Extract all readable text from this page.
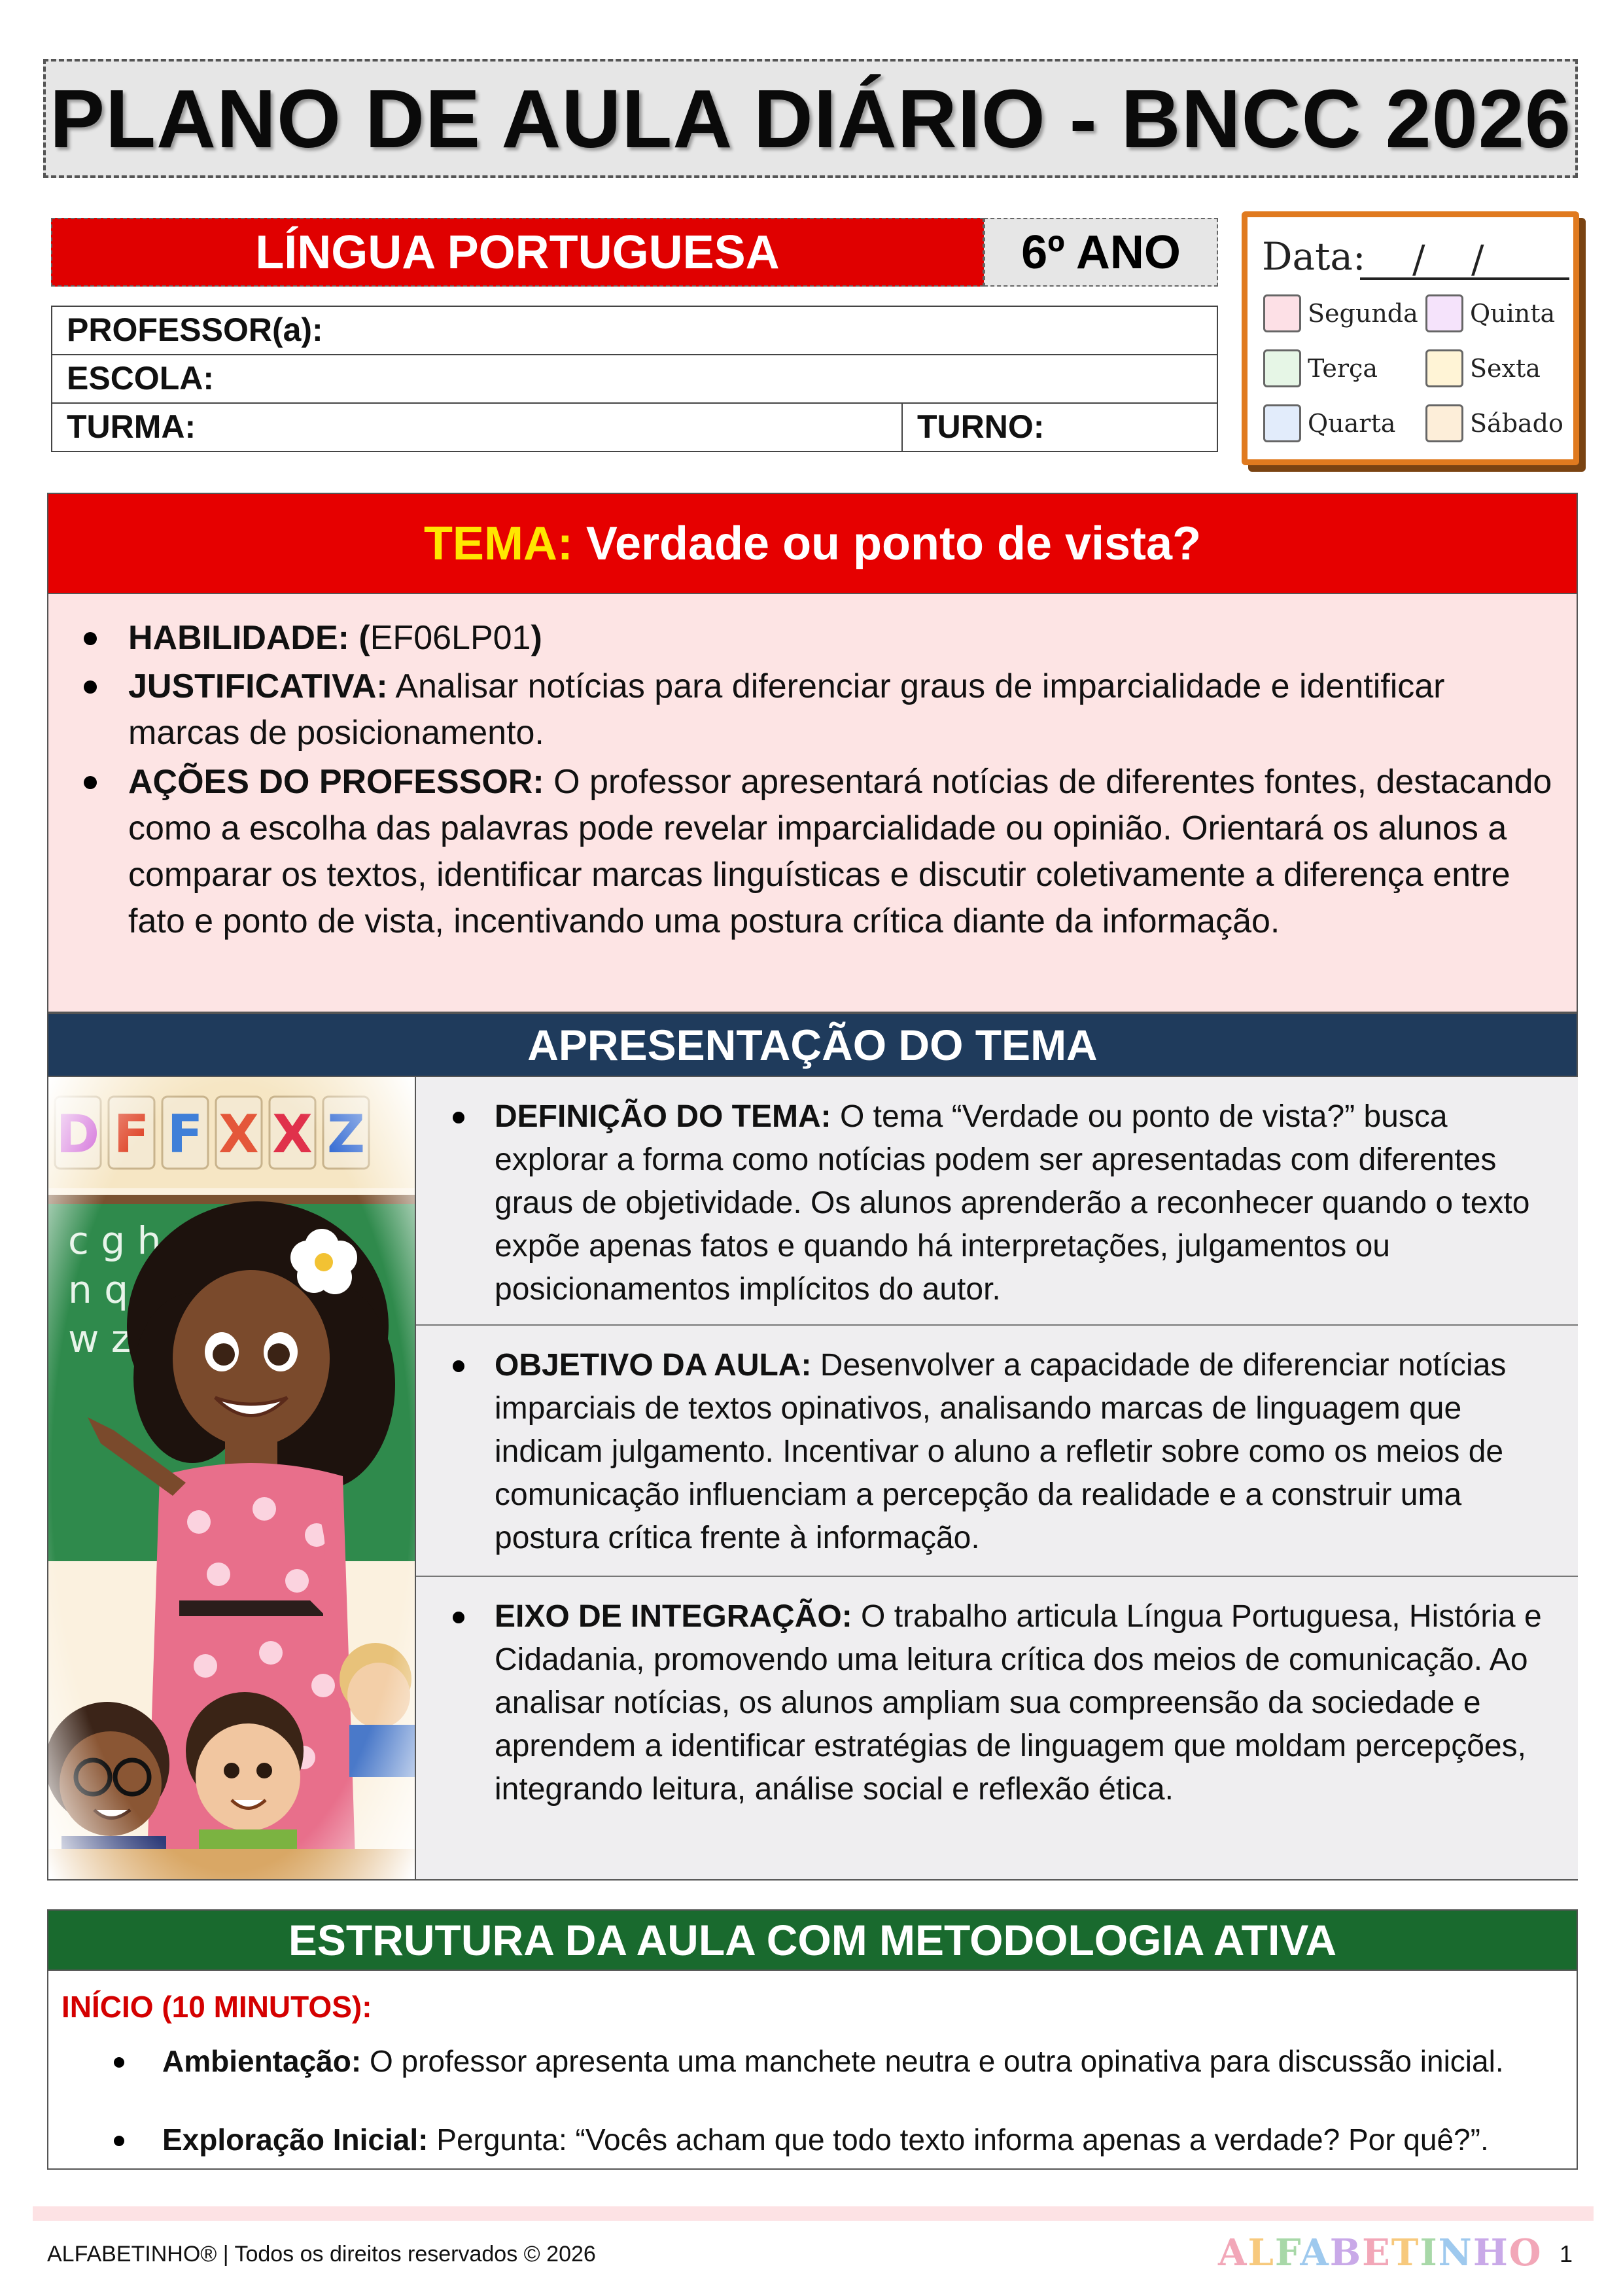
PLANO DE AULA DIÁRIO - BNCC 2026
LÍNGUA PORTUGUESA	6º ANO
PROFESSOR(a):
ESCOLA:
TURMA:	TURNO:
Data: / /
Segunda Quinta
Terça	Sexta
Quarta	Sábado
TEMA: Verdade ou ponto de vista?
HABILIDADE: (EF06LP01)
JUSTIFICATIVA: Analisar notícias para diferenciar graus de imparcialidade e identificar marcas de posicionamento.
AÇÕES DO PROFESSOR: O professor apresentará notícias de diferentes fontes, destacando como a escolha das palavras pode revelar imparcialidade ou opinião. Orientará os alunos a comparar os textos, identificar marcas linguísticas e discutir coletivamente a diferença entre fato e ponto de vista, incentivando uma postura crítica diante da informação.
APRESENTAÇÃO DO TEMA
DEFINIÇÃO DO TEMA: O tema “Verdade ou ponto de vista?” busca explorar a forma como notícias podem ser apresentadas com diferentes graus de objetividade. Os alunos aprenderão a reconhecer quando o texto expõe apenas fatos e quando há interpretações, julgamentos ou posicionamentos implícitos do autor.
OBJETIVO DA AULA: Desenvolver a capacidade de diferenciar notícias imparciais de textos opinativos, analisando marcas de linguagem que indicam julgamento. Incentivar o aluno a refletir sobre como os meios de comunicação influenciam a percepção da realidade e a construir uma postura crítica frente à informação.
EIXO DE INTEGRAÇÃO: O trabalho articula Língua Portuguesa, História e Cidadania, promovendo uma leitura crítica dos meios de comunicação. Ao analisar notícias, os alunos ampliam sua compreensão da sociedade e aprendem a identificar estratégias de linguagem que moldam percepções, integrando leitura, análise social e reflexão ética.
ESTRUTURA DA AULA COM METODOLOGIA ATIVA
INÍCIO (10 MINUTOS):
Ambientação: O professor apresenta uma manchete neutra e outra opinativa para discussão inicial.
Exploração Inicial: Pergunta: “Vocês acham que todo texto informa apenas a verdade? Por quê?”.
ALFABETINHO® | Todos os direitos reservados © 2026	ALFABETINHO 1
